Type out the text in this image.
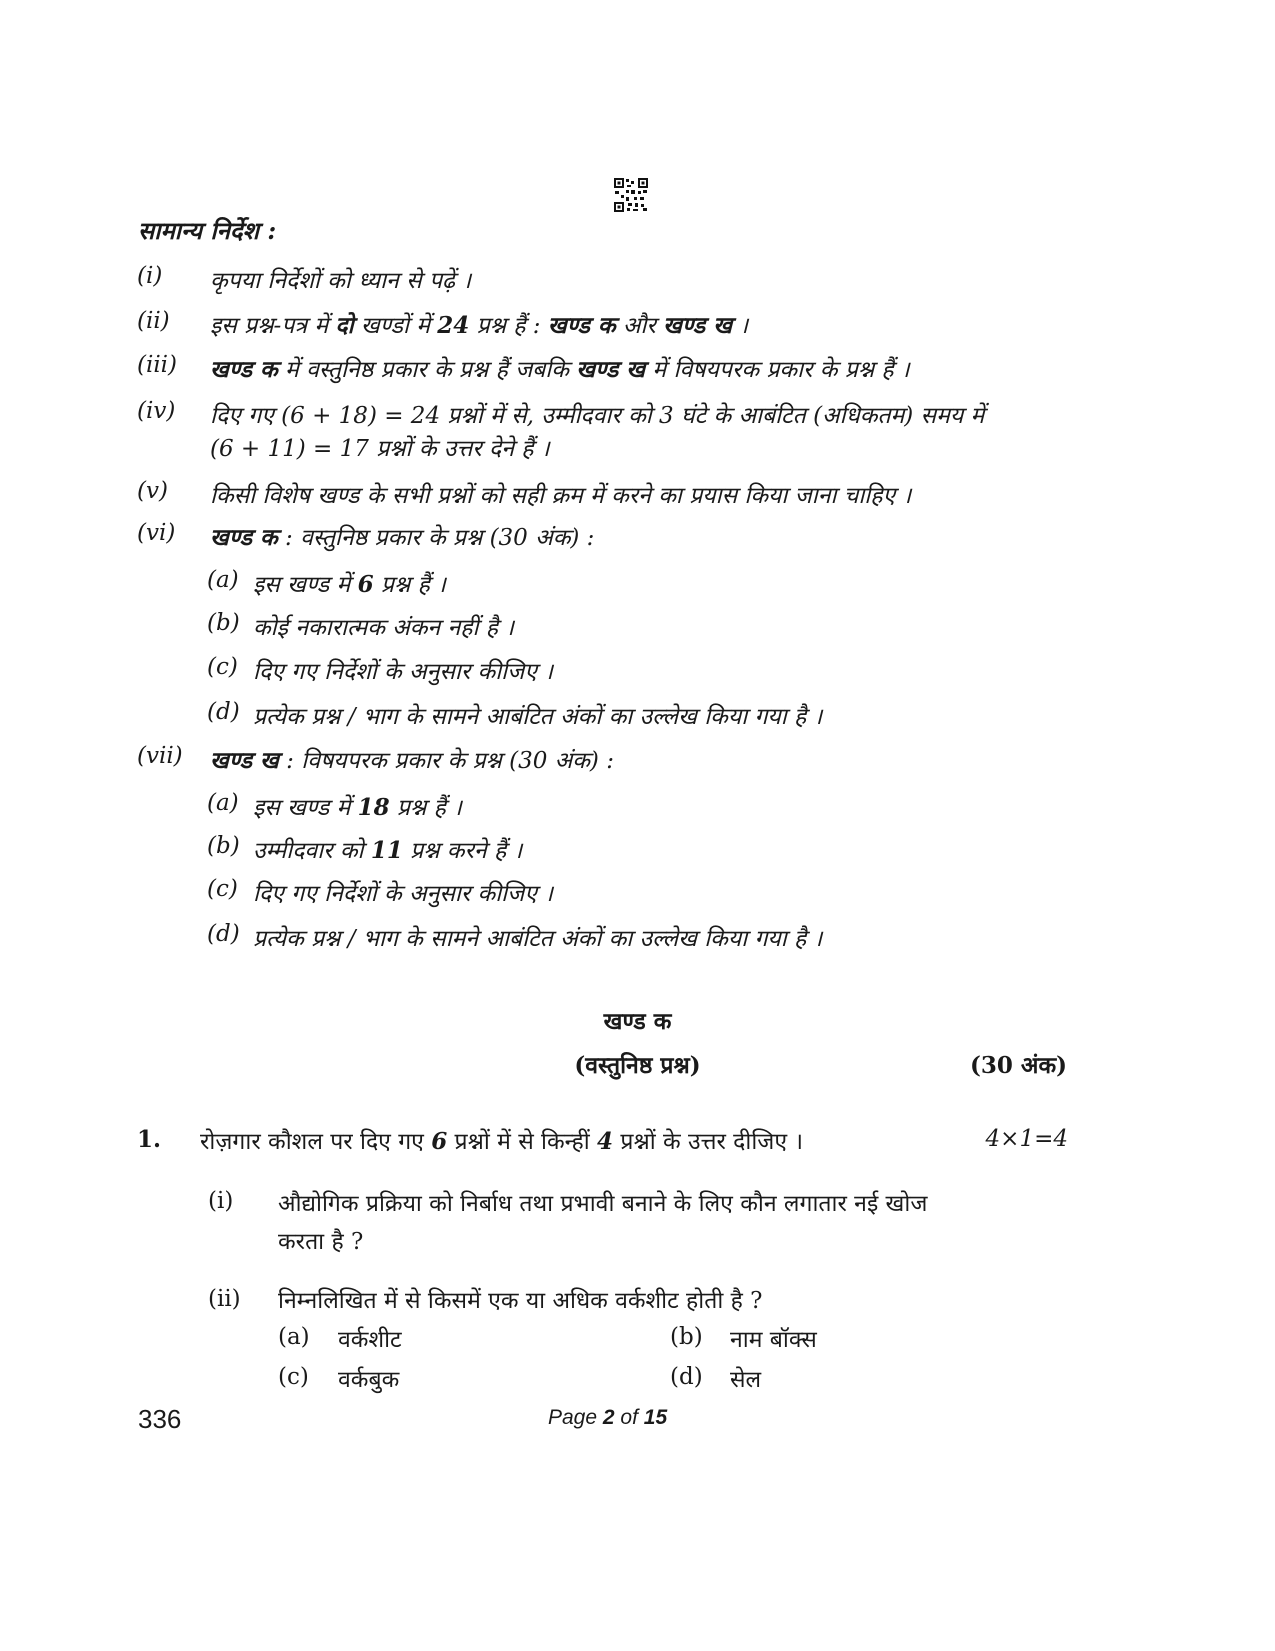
सामान्य निर्देश :
(i)
(ii)
(iii)
(iv)
(v)
(vi)
(vii)
कृपया निर्देशों को ध्यान से पढ़ें ।
इस प्रश्न-पत्र में दो खण्डों में 24 प्रश्न हैं : खण्ड क और खण्ड ख ।
खण्ड क में वस्तुनिष्ठ प्रकार के प्रश्न हैं जबकि खण्ड ख में विषयपरक प्रकार के प्रश्न हैं ।
दिए गए (6 + 18) = 24 प्रश्नों में से, उम्मीदवार को 3 घंटे के आबंटित (अधिकतम) समय में
(6 + 11) = 17 प्रश्नों के उत्तर देने हैं ।
किसी विशेष खण्ड के सभी प्रश्नों को सही क्रम में करने का प्रयास किया जाना चाहिए ।
खण्ड क : वस्तुनिष्ठ प्रकार के प्रश्न (30 अंक) :
खण्ड ख : विषयपरक प्रकार के प्रश्न (30 अंक) :
(a) इस खण्ड में 6 प्रश्न हैं ।
(b) कोई नकारात्मक अंकन नहीं है ।
(c) दिए गए निर्देशों के अनुसार कीजिए ।
(d) प्रत्येक प्रश्न / भाग के सामने आबंटित अंकों का उल्लेख किया गया है ।
(a) इस खण्ड में 18 प्रश्न हैं ।
(b) उम्मीदवार को 11 प्रश्न करने हैं ।
(c) दिए गए निर्देशों के अनुसार कीजिए ।
(d) प्रत्येक प्रश्न / भाग के सामने आबंटित अंकों का उल्लेख किया गया है ।
खण्ड क
(वस्तुनिष्ठ प्रश्न)	(30 अंक)
1. रोज़गार कौशल पर दिए गए 6 प्रश्नों में से किन्हीं 4 प्रश्नों के उत्तर दीजिए ।	4×1=4
(i) औद्योगिक प्रक्रिया को निर्बाध तथा प्रभावी बनाने के लिए कौन लगातार नई खोज
करता है ?
(ii) निम्नलिखित में से किसमें एक या अधिक वर्कशीट होती है ?
(a) वर्कशीट	(b) नाम बॉक्स
(c) वर्कबुक	(d) सेल
336	Page 2 of 15
